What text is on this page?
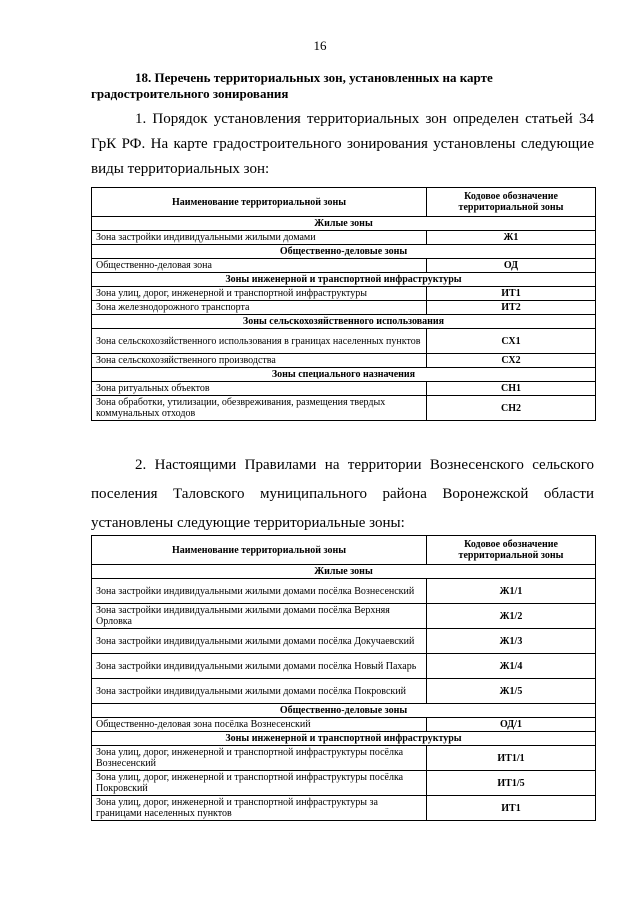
16
18. Перечень территориальных зон, установленных на карте
градостроительного зонирования
1. Порядок установления территориальных зон определен статьей 34 ГрК РФ. На карте градостроительного зонирования установлены следующие виды территориальных зон:
Наименование территориальной зоны	Кодовое обозначение территориальной зоны
Жилые зоны	
Зона застройки индивидуальными жилыми домами	Ж1
Общественно-деловые зоны	
Общественно-деловая зона	ОД
Зоны инженерной и транспортной инфраструктуры	
Зона улиц, дорог, инженерной и транспортной инфраструктуры	ИТ1
Зона железнодорожного транспорта	ИТ2
Зоны сельскохозяйственного использования	
Зона сельскохозяйственного использования в границах населенных пунктов	СХ1
Зона сельскохозяйственного производства	СХ2
Зоны специального назначения	
Зона ритуальных объектов	СН1
Зона обработки, утилизации, обезвреживания, размещения твердых коммунальных отходов	СН2
2. Настоящими Правилами на территории Вознесенского сельского поселения Таловского муниципального района Воронежской области установлены следующие территориальные зоны:
Наименование территориальной зоны	Кодовое обозначение территориальной зоны
Жилые зоны	
Зона застройки индивидуальными жилыми домами посёлка Вознесенский	Ж1/1
Зона застройки индивидуальными жилыми домами посёлка Верхняя Орловка	Ж1/2
Зона застройки индивидуальными жилыми домами посёлка Докучаевский	Ж1/3
Зона застройки индивидуальными жилыми домами посёлка Новый Пахарь	Ж1/4
Зона застройки индивидуальными жилыми домами посёлка Покровский	Ж1/5
Общественно-деловые зоны	
Общественно-деловая зона посёлка Вознесенский	ОД/1
Зоны инженерной и транспортной инфраструктуры	
Зона улиц, дорог, инженерной и транспортной инфраструктуры посёлка Вознесенский	ИТ1/1
Зона улиц, дорог, инженерной и транспортной инфраструктуры посёлка Покровский	ИТ1/5
Зона улиц, дорог, инженерной и транспортной инфраструктуры за границами населенных пунктов	ИТ1
